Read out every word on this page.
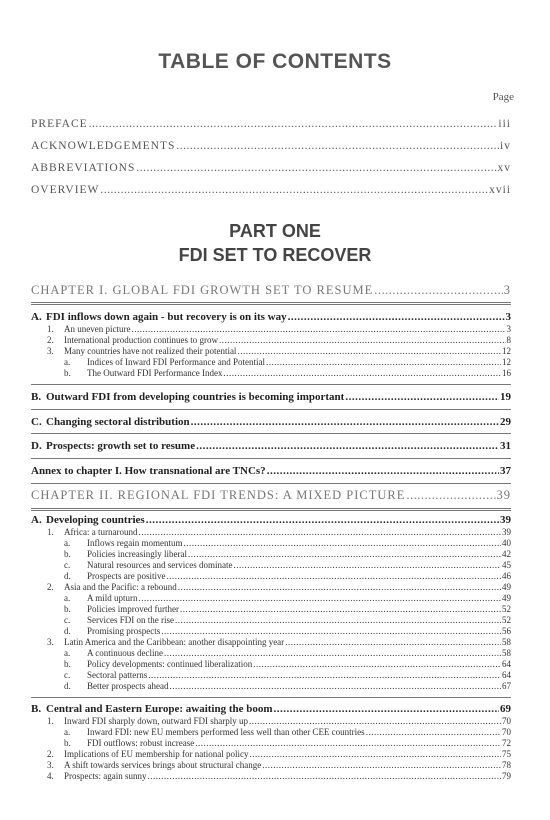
TABLE OF CONTENTS
Page
PREFACE .....	iii
ACKNOWLEDGEMENTS .....	iv
ABBREVIATIONS .....	xv
OVERVIEW .....	xvii
PART ONE
FDI SET TO RECOVER
CHAPTER I. GLOBAL FDI GROWTH SET TO RESUME .....	3
A. FDI inflows down again - but recovery is on its way .....	3
1. An uneven picture .....	3
2. International production continues to grow .....	8
3. Many countries have not realized their potential .....	12
a. Indices of Inward FDI Performance and Potential .....	12
b. The Outward FDI Performance Index .....	16
B. Outward FDI from developing countries is becoming important .....	19
C. Changing sectoral distribution .....	29
D. Prospects: growth set to resume .....	31
Annex to chapter I. How transnational are TNCs? .....	37
CHAPTER II. REGIONAL FDI TRENDS: A MIXED PICTURE .....	39
A. Developing countries .....	39
1. Africa: a turnaround .....	39
a. Inflows regain momentum .....	40
b. Policies increasingly liberal .....	42
c. Natural resources and services dominate .....	45
d. Prospects are positive .....	46
2. Asia and the Pacific: a rebound .....	49
a. A mild upturn .....	49
b. Policies improved further .....	52
c. Services FDI on the rise .....	52
d. Promising prospects .....	56
3. Latin America and the Caribbean: another disappointing year .....	58
a. A continuous decline .....	58
b. Policy developments: continued liberalization .....	64
c. Sectoral patterns .....	64
d. Better prospects ahead .....	67
B. Central and Eastern Europe: awaiting the boom .....	69
1. Inward FDI sharply down, outward FDI sharply up .....	70
a. Inward FDI: new EU members performed less well than other CEE countries .....	70
b. FDI outflows: robust increase .....	72
2. Implications of EU membership for national policy .....	75
3. A shift towards services brings about structural change .....	78
4. Prospects: again sunny .....	79
